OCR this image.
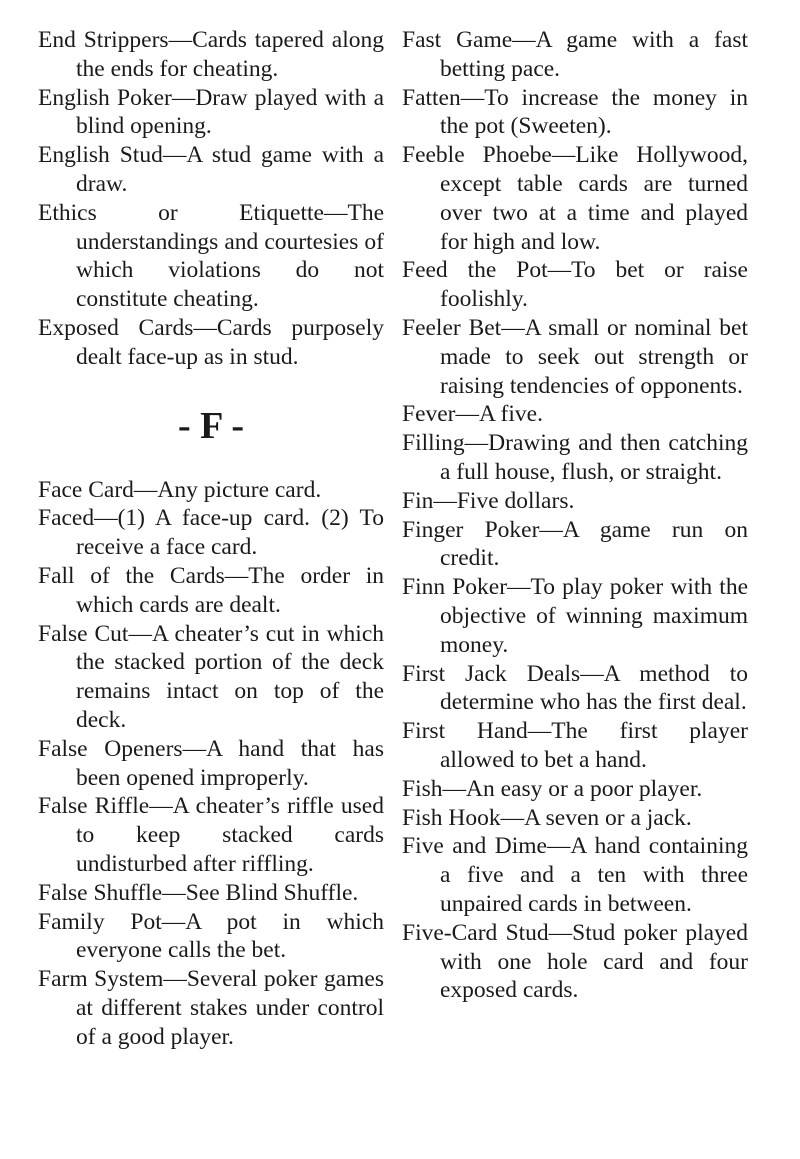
End Strippers—Cards tapered along the ends for cheating.

English Poker—Draw played with a blind opening.

English Stud—A stud game with a draw.

Ethics or Etiquette—The understandings and courtesies of which violations do not constitute cheating.

Exposed Cards—Cards purposely dealt face-up as in stud.

- F -

Face Card—Any picture card.

Faced—(1) A face-up card. (2) To receive a face card.

Fall of the Cards—The order in which cards are dealt.

False Cut—A cheater’s cut in which the stacked portion of the deck remains intact on top of the deck.

False Openers—A hand that has been opened improperly.

False Riffle—A cheater’s riffle used to keep stacked cards undisturbed after riffling.

False Shuffle—See Blind Shuffle.

Family Pot—A pot in which everyone calls the bet.

Farm System—Several poker games at different stakes under control of a good player.

Fast Game—A game with a fast betting pace.

Fatten—To increase the money in the pot (Sweeten).

Feeble Phoebe—Like Hollywood, except table cards are turned over two at a time and played for high and low.

Feed the Pot—To bet or raise foolishly.

Feeler Bet—A small or nominal bet made to seek out strength or raising tendencies of opponents.

Fever—A five.

Filling—Drawing and then catching a full house, flush, or straight.

Fin—Five dollars.

Finger Poker—A game run on credit.

Finn Poker—To play poker with the objective of winning maximum money.

First Jack Deals—A method to determine who has the first deal.

First Hand—The first player allowed to bet a hand.

Fish—An easy or a poor player.

Fish Hook—A seven or a jack.

Five and Dime—A hand containing a five and a ten with three unpaired cards in between.

Five-Card Stud—Stud poker played with one hole card and four exposed cards.
